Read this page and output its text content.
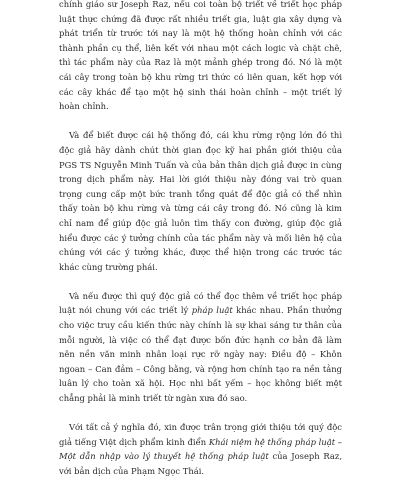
chính giáo sư Joseph Raz, nếu coi toàn bộ triết về triết học pháp luật thực chứng đã được rất nhiều triết gia, luật gia xây dựng và phát triển từ trước tới nay là một hệ thống hoàn chỉnh với các thành phần cụ thể, liên kết với nhau một cách logic và chặt chẽ, thì tác phẩm này của Raz là một mảnh ghép trong đó. Nó là một cái cây trong toàn bộ khu rừng tri thức có liên quan, kết hợp với các cây khác để tạo một hệ sinh thái hoàn chỉnh – một triết lý hoàn chỉnh.

Và để biết được cái hệ thống đó, cái khu rừng rộng lớn đó thì độc giả hãy dành chút thời gian đọc kỹ hai phần giới thiệu của PGS TS Nguyễn Minh Tuấn và của bản thân dịch giả được in cùng trong dịch phẩm này. Hai lời giới thiệu này đóng vai trò quan trọng cung cấp một bức tranh tổng quát để độc giả có thể nhìn thấy toàn bộ khu rừng và từng cái cây trong đó. Nó cũng là kim chỉ nam để giúp độc giả luôn tìm thấy con đường, giúp độc giả hiểu được các ý tưởng chính của tác phẩm này và mối liên hệ của chúng với các ý tưởng khác, được thể hiện trong các trước tác khác cùng trường phái.

Và nếu được thì quý độc giả có thể đọc thêm về triết học pháp luật nói chung với các triết lý pháp luật khác nhau. Phần thưởng cho việc truy cầu kiến thức này chính là sự khai sáng tư thân của mỗi người, là việc có thể đạt được bốn đức hạnh cơ bản đã làm nên nền văn minh nhân loại rực rỡ ngày nay: Điều độ – Khôn ngoan – Can đảm – Công bằng, và rộng hơn chính tạo ra nền tảng luân lý cho toàn xã hội. Học nhi bất yếm – học không biết mệt chẳng phải là minh triết từ ngàn xưa đó sao.

Với tất cả ý nghĩa đó, xin được trân trọng giới thiệu tới quý độc giả tiếng Việt dịch phẩm kinh điển Khái niệm hệ thống pháp luật – Một dẫn nhập vào lý thuyết hệ thống pháp luật của Joseph Raz, với bản dịch của Phạm Ngọc Thái.
